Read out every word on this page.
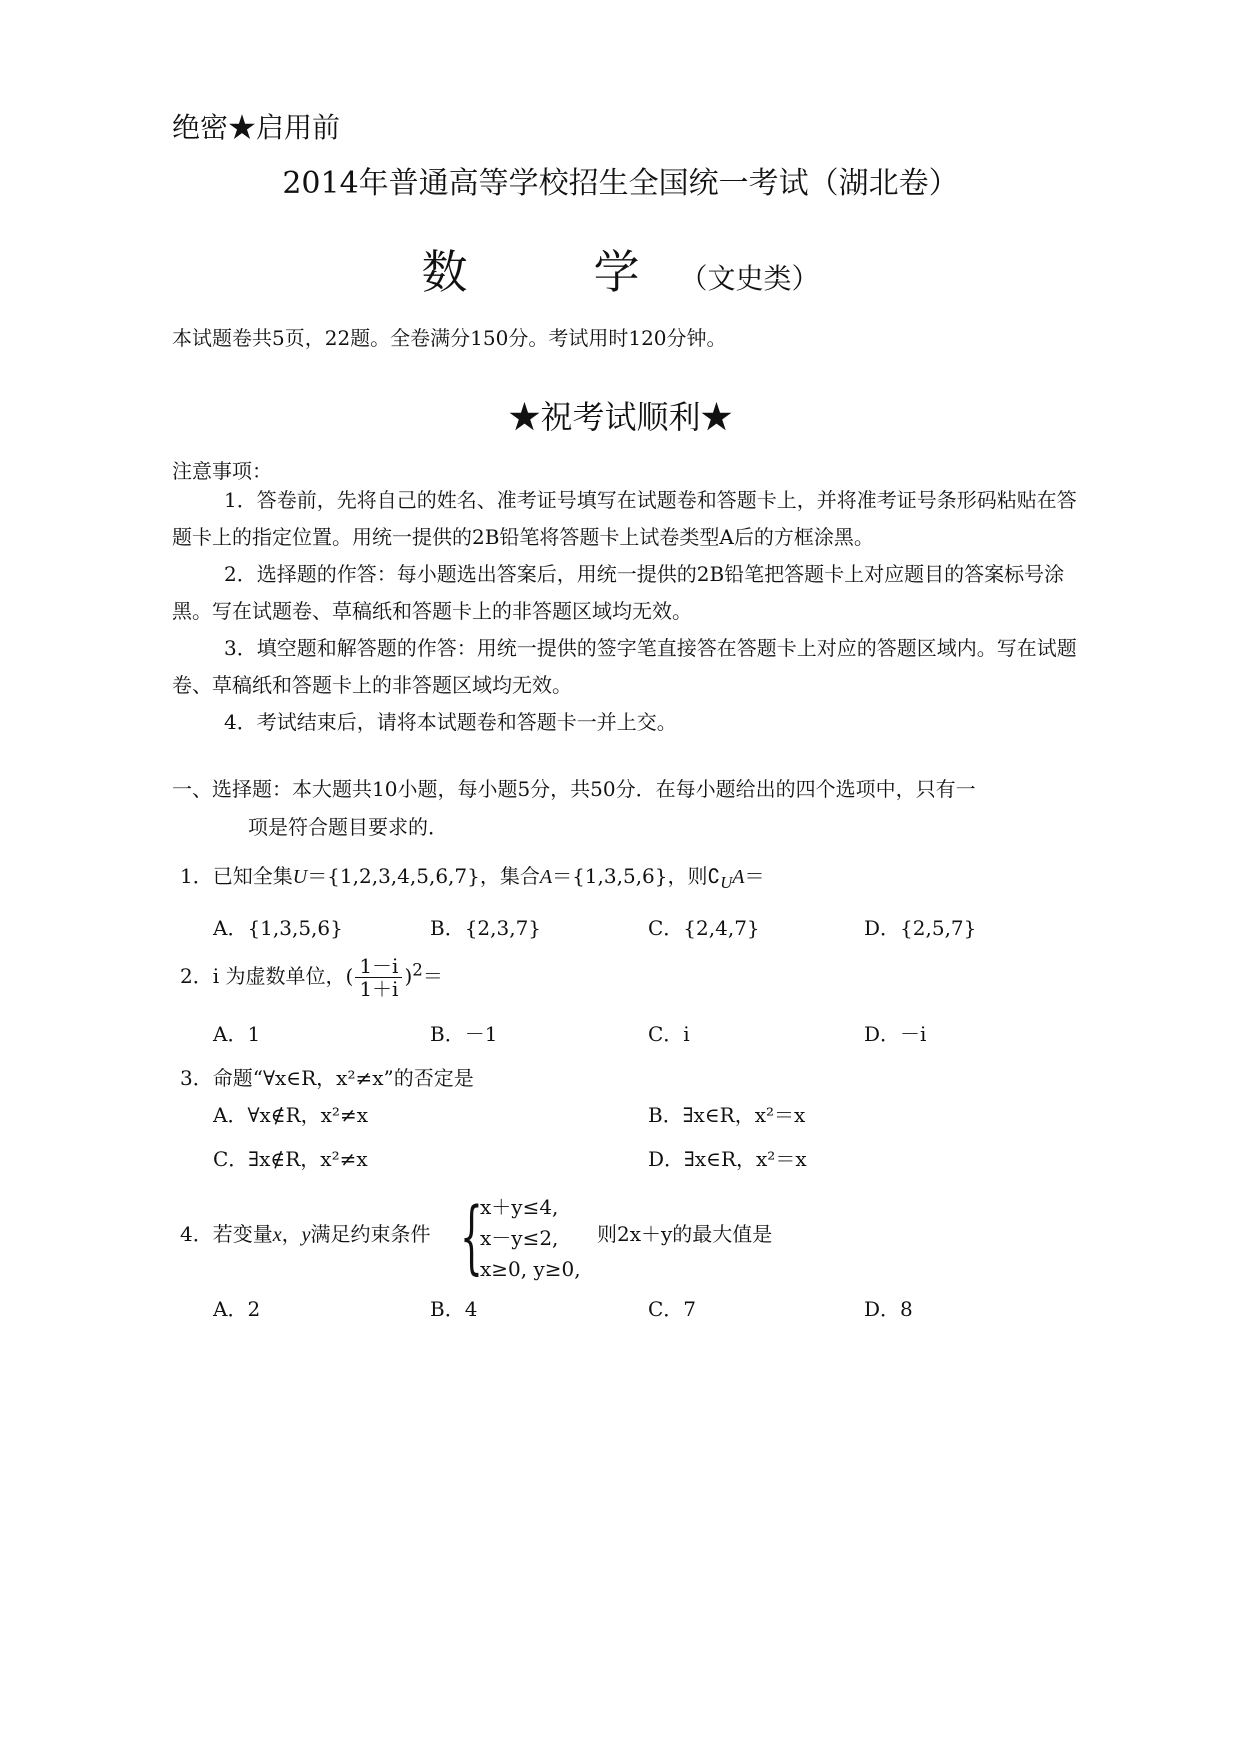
绝密★启用前
2014年普通高等学校招生全国统一考试（湖北卷）
数　学（文史类）
本试题卷共5页，22题。全卷满分150分。考试用时120分钟。
★祝考试顺利★
注意事项：
1．答卷前，先将自己的姓名、准考证号填写在试题卷和答题卡上，并将准考证号条形码粘贴在答题卡上的指定位置。用统一提供的2B铅笔将答题卡上试卷类型A后的方框涂黑。
2．选择题的作答：每小题选出答案后，用统一提供的2B铅笔把答题卡上对应题目的答案标号涂黑。写在试题卷、草稿纸和答题卡上的非答题区域均无效。
3．填空题和解答题的作答：用统一提供的签字笔直接答在答题卡上对应的答题区域内。写在试题卷、草稿纸和答题卡上的非答题区域均无效。
4．考试结束后，请将本试题卷和答题卡一并上交。
一、选择题：本大题共10小题，每小题5分，共50分．在每小题给出的四个选项中，只有一
项是符合题目要求的．
1．已知全集U＝{1,2,3,4,5,6,7}，集合A＝{1,3,5,6}，则$∁_UA=$
A．{1,3,5,6}	B．{2,3,7}	C．{2,4,7}	D．{2,5,7}
2．i 为虚数单位，( $\frac{1-i}{1+i} )^2=$
A．1	B．－1	C．i	D．－i
3．命题“∀x∈R，x²≠x”的否定是
A．∀x∉R，x²≠x	B．∃x∈R，x²＝x
C．∃x∉R，x²≠x	D．∃x∈R，x²＝x
4．若变量x，y满足约束条件 {
x＋y≤4,
x－y≤2,
x≥0, y≥0,
则2x＋y的最大值是
A．2	B．4	C．7	D．8
